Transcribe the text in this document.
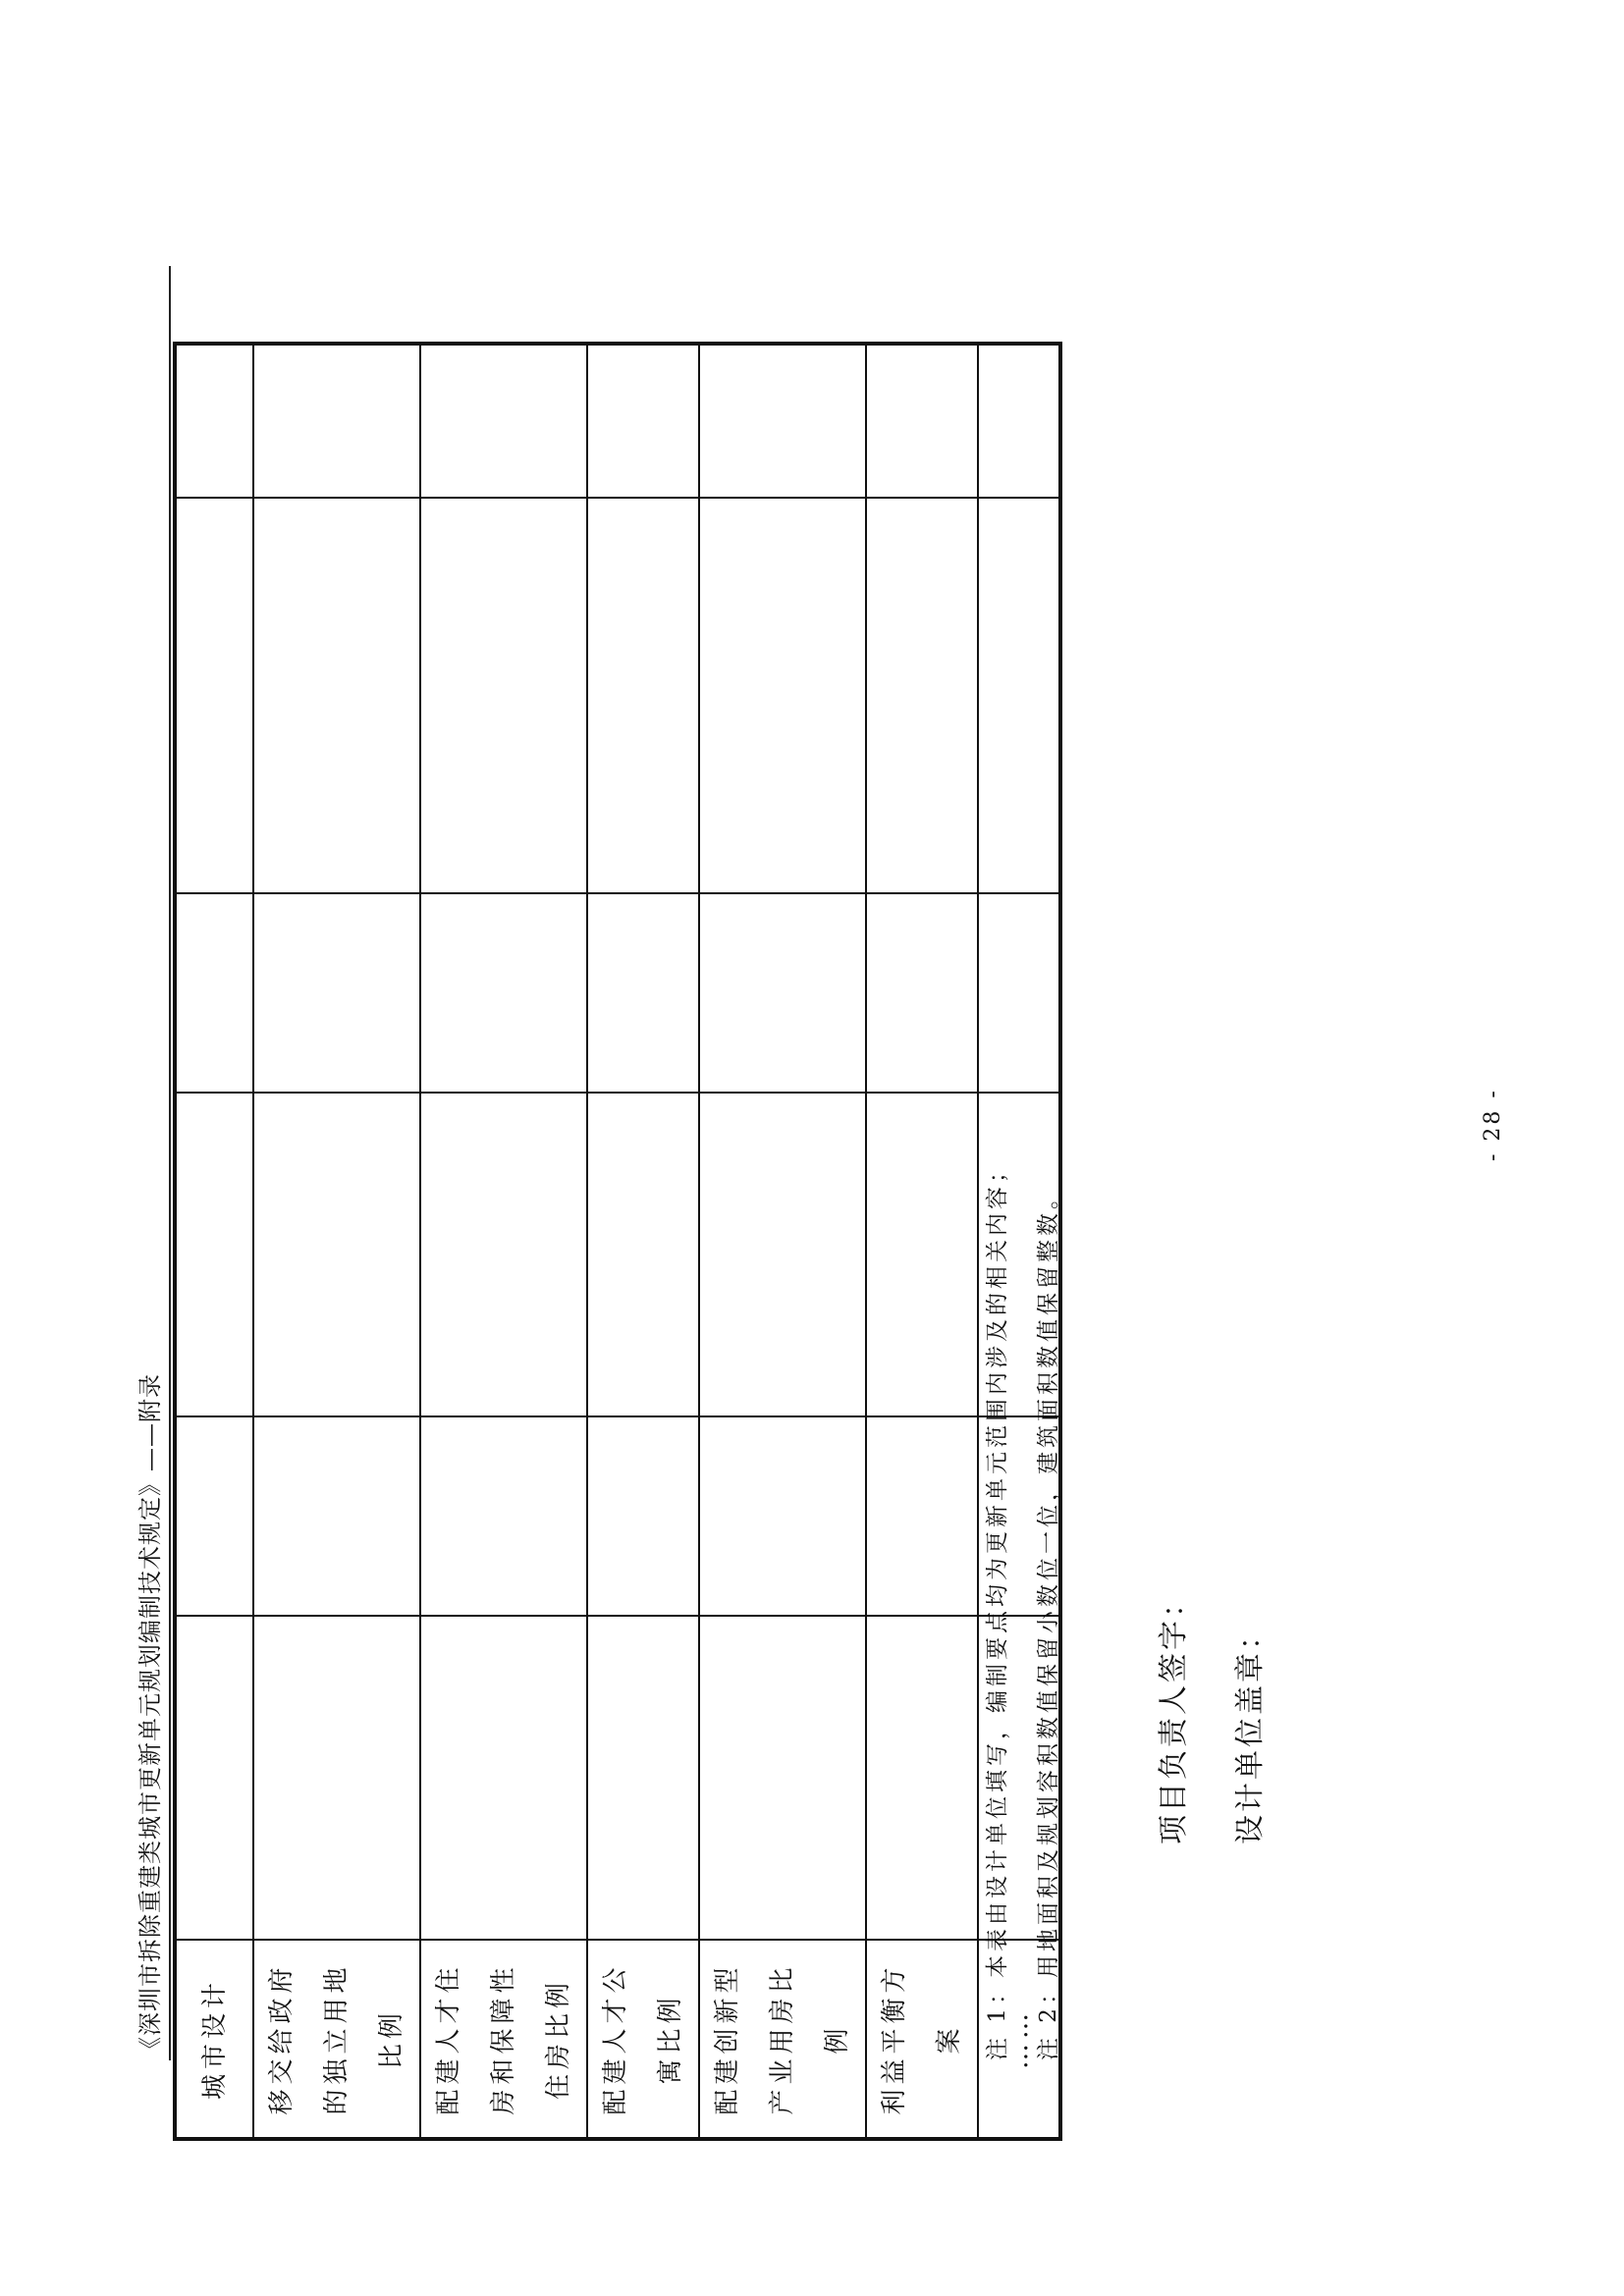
《深圳市拆除重建类城市更新单元规划编制技术规定》——附录 城市设计						
移交给政府的独立用地比例						
配建人才住房和保障性住房比例						
配建人才公寓比例						
配建创新型产业用房比例						
利益平衡方案						
……						
注 1：本表由设计单位填写，编制要点均为更新单元范围内涉及的相关内容；	注 2：用地面积及规划容积数值保留小数位一位，建筑面积数值保留整数。	项目负责人签字： 设计单位盖章：
- 28 -
